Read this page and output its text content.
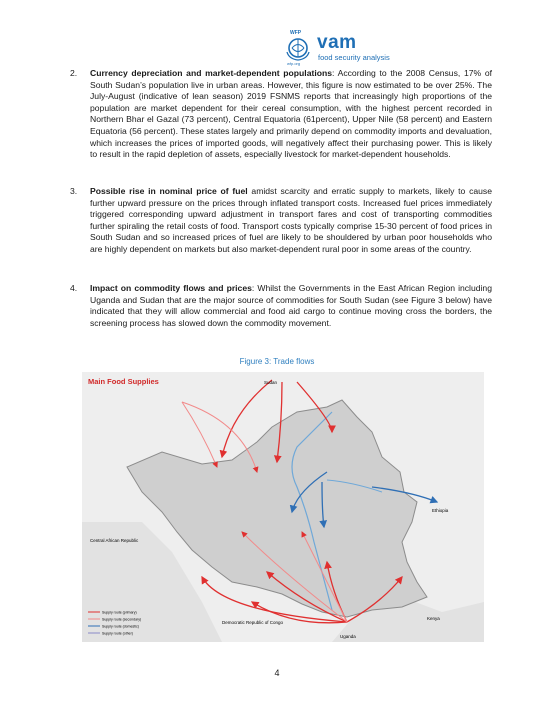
WFP
wfp.org
vam
food security analysis
2. Currency depreciation and market-dependent populations: According to the 2008 Census, 17% of South Sudan’s population live in urban areas. However, this figure is now estimated to be over 25%. The July-August (indicative of lean season) 2019 FSNMS reports that increasingly high proportions of the population are market dependent for their cereal consumption, with the highest percent recorded in Northern Bhar el Gazal (73 percent), Central Equatoria (61percent), Upper Nile (58 percent) and Eastern Equatoria (56 percent). These states largely and primarily depend on commodity imports and devaluation, which increases the prices of imported goods, will negatively affect their purchasing power. This is likely to result in the rapid depletion of assets, especially livestock for market-dependent households.
3. Possible rise in nominal price of fuel amidst scarcity and erratic supply to markets, likely to cause further upward pressure on the prices through inflated transport costs. Increased fuel prices immediately triggered corresponding upward adjustment in transport fares and cost of transporting commodities further spiraling the retail costs of food. Transport costs typically comprise 15-30 percent of food prices in South Sudan and so increased prices of fuel are likely to be shouldered by urban poor households who are highly dependent on markets but also market-dependent rural poor in some areas of the country.
4. Impact on commodity flows and prices: Whilst the Governments in the East African Region including Uganda and Sudan that are the major source of commodities for South Sudan (see Figure 3 below) have indicated that they will allow commercial and food aid cargo to continue moving cross the borders, the screening process has slowed down the commodity movement.
Figure 3: Trade flows
Main Food Supplies	Sudan
Ethiopia
Central African Republic
Democratic Republic of Congo
Uganda
Kenya
Supply route (primary)
Supply route (secondary)
Supply route (domestic)
Supply route (other)
4
